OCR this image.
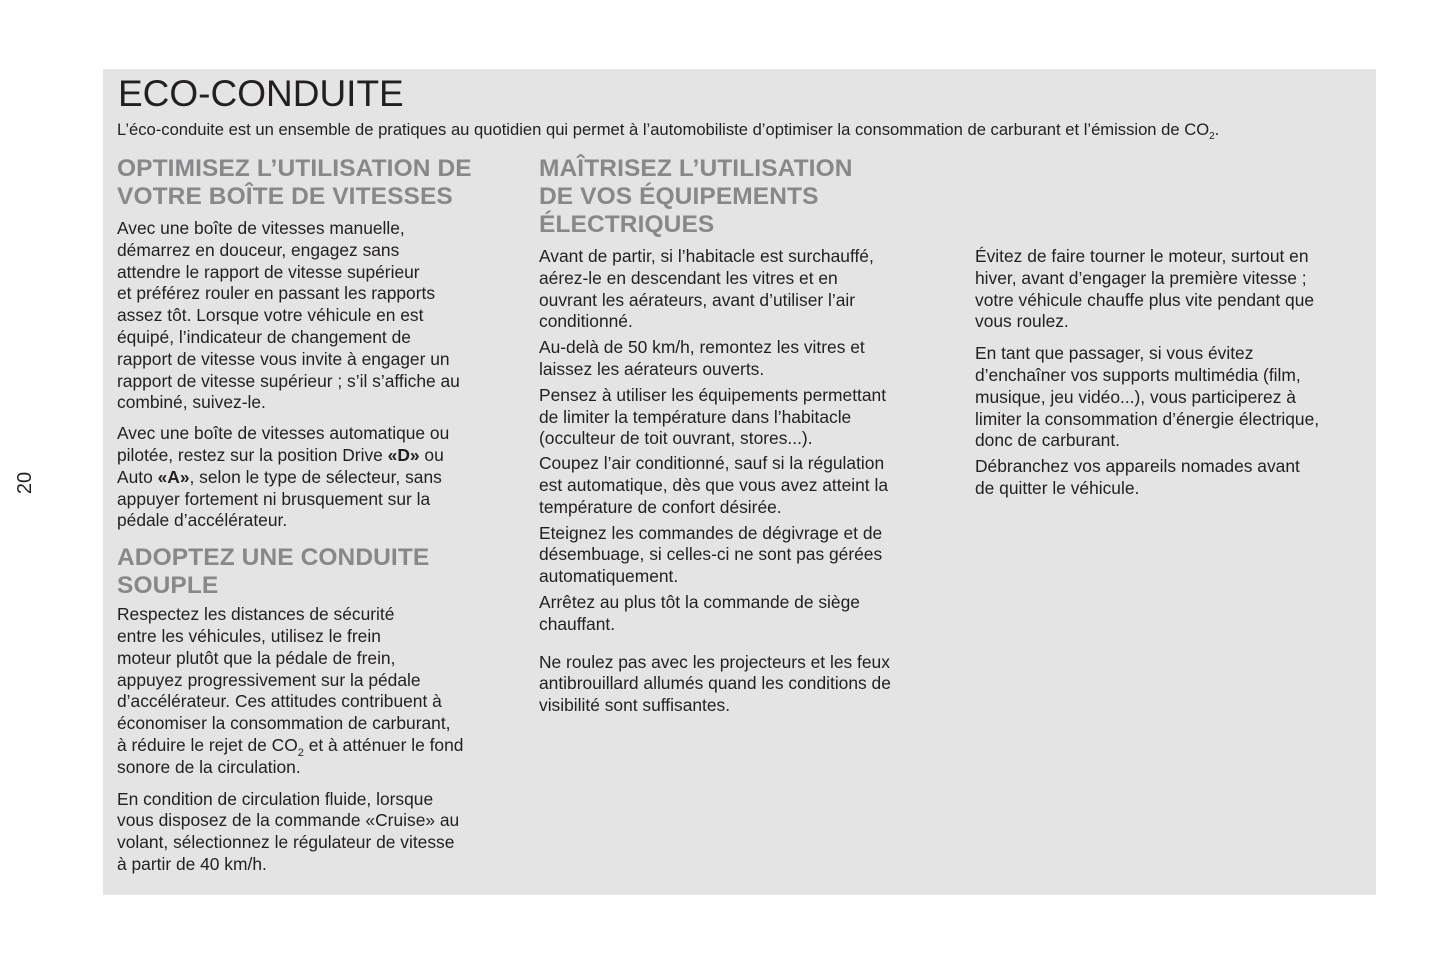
20
ECO-CONDUITE
L’éco-conduite est un ensemble de pratiques au quotidien qui permet à l’automobiliste d’optimiser la consommation de carburant et l’émission de $CO_2$.
OPTIMISEZ L’UTILISATION DE
VOTRE BOÎTE DE VITESSES

Avec une boîte de vitesses manuelle,
démarrez en douceur, engagez sans
attendre le rapport de vitesse supérieur
et préférez rouler en passant les rapports
assez tôt. Lorsque votre véhicule en est
équipé, l’indicateur de changement de
rapport de vitesse vous invite à engager un
rapport de vitesse supérieur ; s’il s’affiche au
combiné, suivez-le.

Avec une boîte de vitesses automatique ou
pilotée, restez sur la position Drive «D» ou
Auto «A», selon le type de sélecteur, sans
appuyer fortement ni brusquement sur la
pédale d’accélérateur.

ADOPTEZ UNE CONDUITE
SOUPLE

Respectez les distances de sécurité
entre les véhicules, utilisez le frein
moteur plutôt que la pédale de frein,
appuyez progressivement sur la pédale
d’accélérateur. Ces attitudes contribuent à
économiser la consommation de carburant,
à réduire le rejet de $CO_2$ et à atténuer le fond
sonore de la circulation.

En condition de circulation fluide, lorsque
vous disposez de la commande «Cruise» au
volant, sélectionnez le régulateur de vitesse
à partir de 40 km/h.

MAÎTRISEZ L’UTILISATION
DE VOS ÉQUIPEMENTS
ÉLECTRIQUES

Avant de partir, si l’habitacle est surchauffé,
aérez-le en descendant les vitres et en
ouvrant les aérateurs, avant d’utiliser l’air
conditionné.

Au-delà de 50 km/h, remontez les vitres et
laissez les aérateurs ouverts.

Pensez à utiliser les équipements permettant
de limiter la température dans l’habitacle
(occulteur de toit ouvrant, stores...).

Coupez l’air conditionné, sauf si la régulation
est automatique, dès que vous avez atteint la
température de confort désirée.

Eteignez les commandes de dégivrage et de
désembuage, si celles-ci ne sont pas gérées
automatiquement.

Arrêtez au plus tôt la commande de siège
chauffant.

Ne roulez pas avec les projecteurs et les feux
antibrouillard allumés quand les conditions de
visibilité sont suffisantes.

Évitez de faire tourner le moteur, surtout en
hiver, avant d’engager la première vitesse ;
votre véhicule chauffe plus vite pendant que
vous roulez.

En tant que passager, si vous évitez
d’enchaîner vos supports multimédia (film,
musique, jeu vidéo...), vous participerez à
limiter la consommation d’énergie électrique,
donc de carburant.

Débranchez vos appareils nomades avant
de quitter le véhicule.
